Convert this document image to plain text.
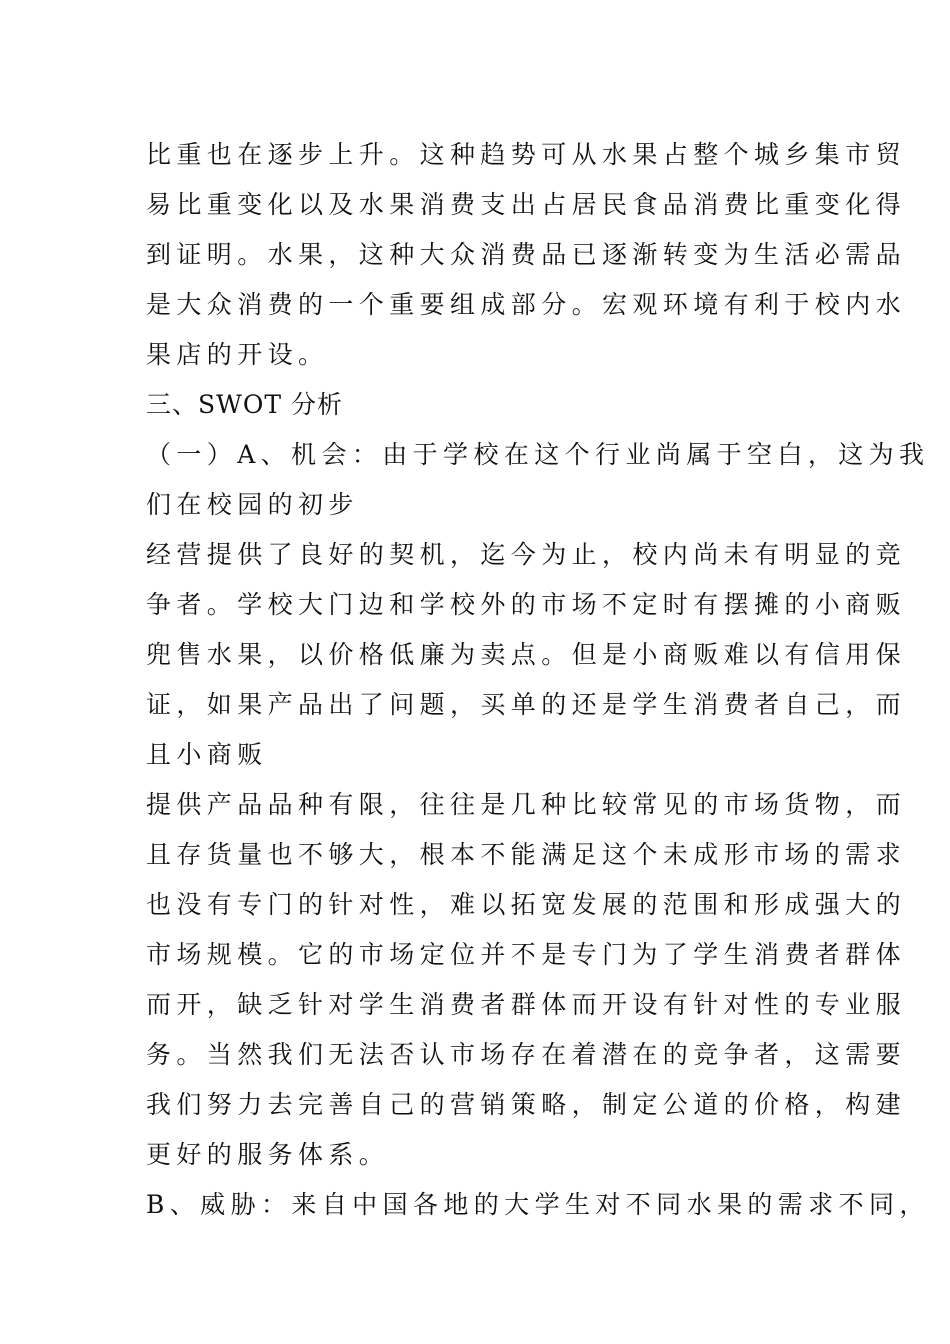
比重也在逐步上升。这种趋势可从水果占整个城乡集市贸
易比重变化以及水果消费支出占居民食品消费比重变化得
到证明。水果，这种大众消费品已逐渐转变为生活必需品
是大众消费的一个重要组成部分。宏观环境有利于校内水
果店的开设。
三、SWOT 分析
（一）A、机会：由于学校在这个行业尚属于空白，这为我
们在校园的初步
经营提供了良好的契机，迄今为止，校内尚未有明显的竞
争者。学校大门边和学校外的市场不定时有摆摊的小商贩
兜售水果，以价格低廉为卖点。但是小商贩难以有信用保
证，如果产品出了问题，买单的还是学生消费者自己，而
且小商贩
提供产品品种有限，往往是几种比较常见的市场货物，而
且存货量也不够大，根本不能满足这个未成形市场的需求
也没有专门的针对性，难以拓宽发展的范围和形成强大的
市场规模。它的市场定位并不是专门为了学生消费者群体
而开，缺乏针对学生消费者群体而开设有针对性的专业服
务。当然我们无法否认市场存在着潜在的竞争者，这需要
我们努力去完善自己的营销策略，制定公道的价格，构建
更好的服务体系。
B、威胁：来自中国各地的大学生对不同水果的需求不同，
